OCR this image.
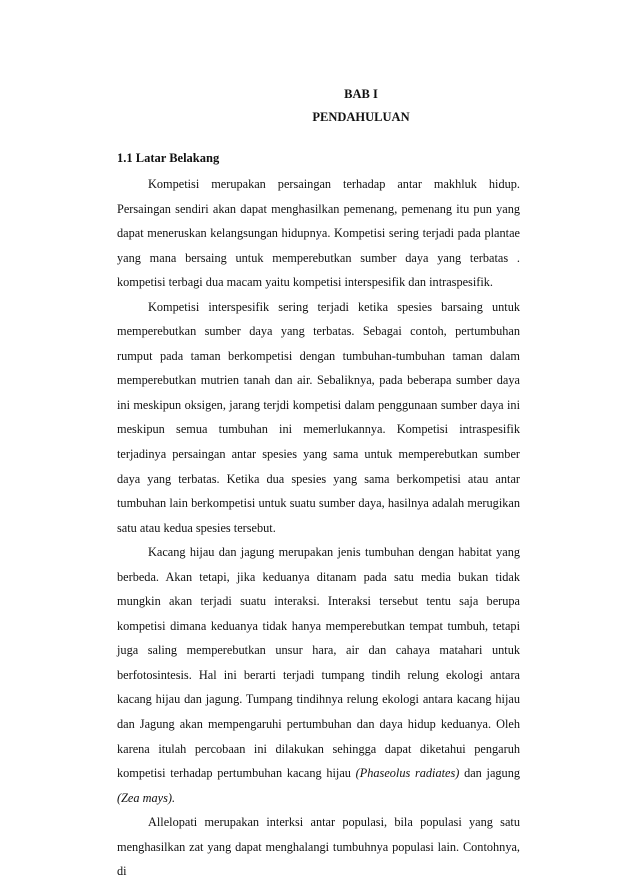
BAB I
PENDAHULUAN
1.1 Latar Belakang

Kompetisi merupakan persaingan terhadap antar makhluk hidup. Persaingan sendiri akan dapat menghasilkan pemenang, pemenang itu pun yang dapat meneruskan kelangsungan hidupnya. Kompetisi sering terjadi pada plantae yang mana bersaing untuk memperebutkan sumber daya yang terbatas . kompetisi terbagi dua macam yaitu kompetisi interspesifik dan intraspesifik.

Kompetisi interspesifik sering terjadi ketika spesies barsaing untuk memperebutkan sumber daya yang terbatas. Sebagai contoh, pertumbuhan rumput pada taman berkompetisi dengan tumbuhan-tumbuhan taman dalam memperebutkan mutrien tanah dan air. Sebaliknya, pada beberapa sumber daya ini meskipun oksigen, jarang terjdi kompetisi dalam penggunaan sumber daya ini meskipun semua tumbuhan ini memerlukannya. Kompetisi intraspesifik terjadinya persaingan antar spesies yang sama untuk memperebutkan sumber daya yang terbatas. Ketika dua spesies yang sama berkompetisi atau antar tumbuhan lain berkompetisi untuk suatu sumber daya, hasilnya adalah merugikan satu atau kedua spesies tersebut.

Kacang hijau dan jagung merupakan jenis tumbuhan dengan habitat yang berbeda. Akan tetapi, jika keduanya ditanam pada satu media bukan tidak mungkin akan terjadi suatu interaksi. Interaksi tersebut tentu saja berupa kompetisi dimana keduanya tidak hanya memperebutkan tempat tumbuh, tetapi juga saling memperebutkan unsur hara, air dan cahaya matahari untuk berfotosintesis. Hal ini berarti terjadi tumpang tindih relung ekologi antara kacang hijau dan jagung. Tumpang tindihnya relung ekologi antara kacang hijau dan Jagung akan mempengaruhi pertumbuhan dan daya hidup keduanya. Oleh karena itulah percobaan ini dilakukan sehingga dapat diketahui pengaruh kompetisi terhadap pertumbuhan kacang hijau (Phaseolus radiates) dan jagung (Zea mays).

Allelopati merupakan interksi antar populasi, bila populasi yang satu menghasilkan zat yang dapat menghalangi tumbuhnya populasi lain. Contohnya, di
